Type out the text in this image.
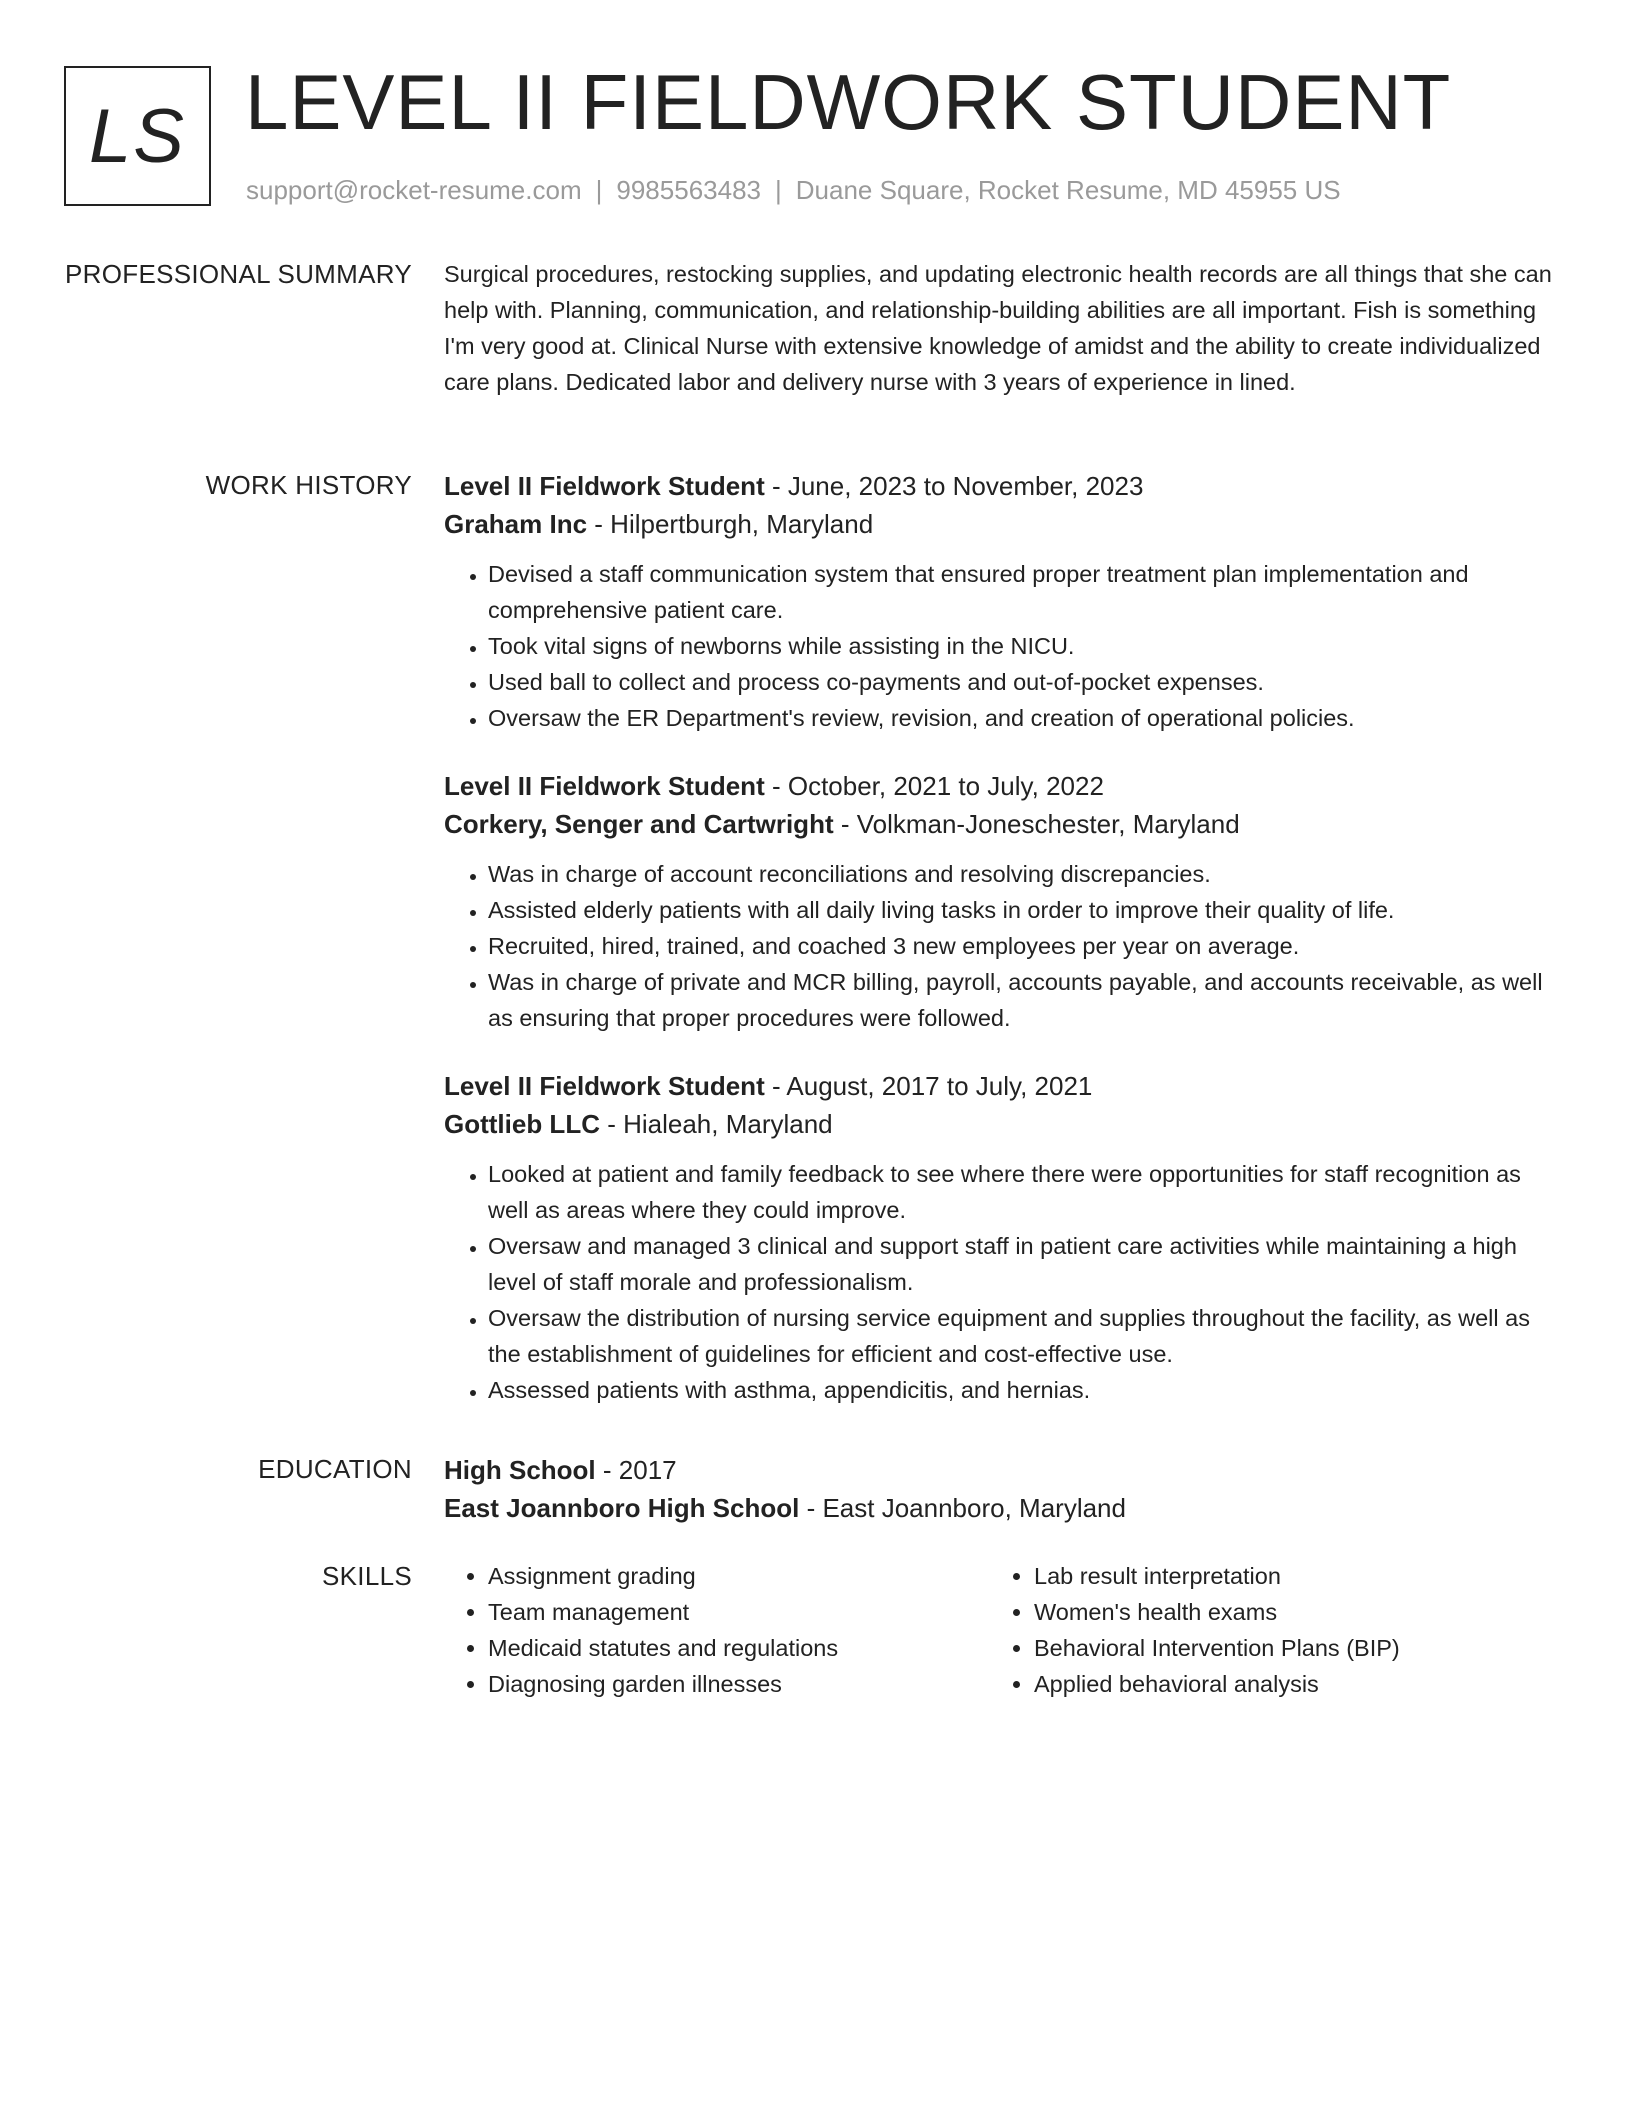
LS LEVEL II FIELDWORK STUDENT
support@rocket-resume.com | 9985563483 | Duane Square, Rocket Resume, MD 45955 US
PROFESSIONAL SUMMARY Surgical procedures, restocking supplies, and updating electronic health records are all things that she can help with. Planning, communication, and relationship-building abilities are all important. Fish is something I'm very good at. Clinical Nurse with extensive knowledge of amidst and the ability to create individualized care plans. Dedicated labor and delivery nurse with 3 years of experience in lined.

WORK HISTORY Level II Fieldwork Student - June, 2023 to November, 2023
Graham Inc - Hilpertburgh, Maryland
• Devised a staff communication system that ensured proper treatment plan implementation and comprehensive patient care.
• Took vital signs of newborns while assisting in the NICU.
• Used ball to collect and process co-payments and out-of-pocket expenses.
• Oversaw the ER Department's review, revision, and creation of operational policies.
Level II Fieldwork Student - October, 2021 to July, 2022
Corkery, Senger and Cartwright - Volkman-Joneschester, Maryland
• Was in charge of account reconciliations and resolving discrepancies.
• Assisted elderly patients with all daily living tasks in order to improve their quality of life.
• Recruited, hired, trained, and coached 3 new employees per year on average.
• Was in charge of private and MCR billing, payroll, accounts payable, and accounts receivable, as well as ensuring that proper procedures were followed.
Level II Fieldwork Student - August, 2017 to July, 2021
Gottlieb LLC - Hialeah, Maryland
• Looked at patient and family feedback to see where there were opportunities for staff recognition as well as areas where they could improve.
• Oversaw and managed 3 clinical and support staff in patient care activities while maintaining a high level of staff morale and professionalism.
• Oversaw the distribution of nursing service equipment and supplies throughout the facility, as well as the establishment of guidelines for efficient and cost-effective use.
• Assessed patients with asthma, appendicitis, and hernias.
EDUCATION High School - 2017
East Joannboro High School - East Joannboro, Maryland
SKILLS
•	Assignment grading
• Team management
• Medicaid statutes and regulations
• Diagnosing garden illnesses
• Lab result interpretation
• Women's health exams
• Behavioral Intervention Plans (BIP)
• Applied behavioral analysis
